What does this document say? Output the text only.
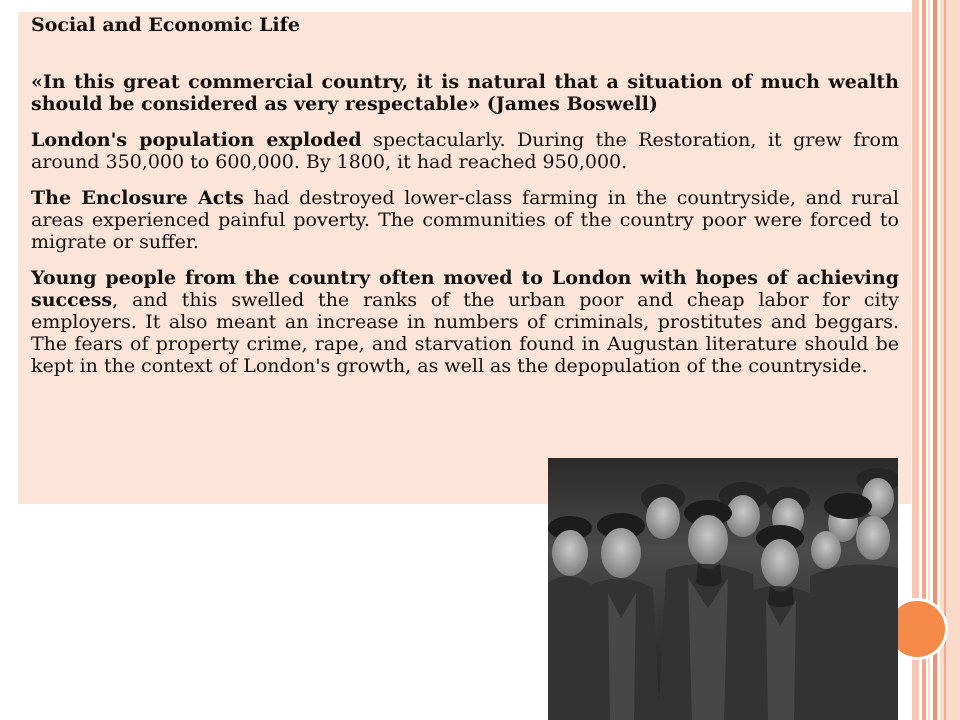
Social and Economic Life

«In this great commercial country, it is natural that a situation of much wealth should be considered as very respectable» (James Boswell)

London's population exploded spectacularly. During the Restoration, it grew from around 350,000 to 600,000. By 1800, it had reached 950,000.

The Enclosure Acts had destroyed lower-class farming in the countryside, and rural areas experienced painful poverty. The communities of the country poor were forced to migrate or suffer.

Young people from the country often moved to London with hopes of achieving success, and this swelled the ranks of the urban poor and cheap labor for city employers. It also meant an increase in numbers of criminals, prostitutes and beggars. The fears of property crime, rape, and starvation found in Augustan literature should be kept in the context of London's growth, as well as the depopulation of the countryside.
